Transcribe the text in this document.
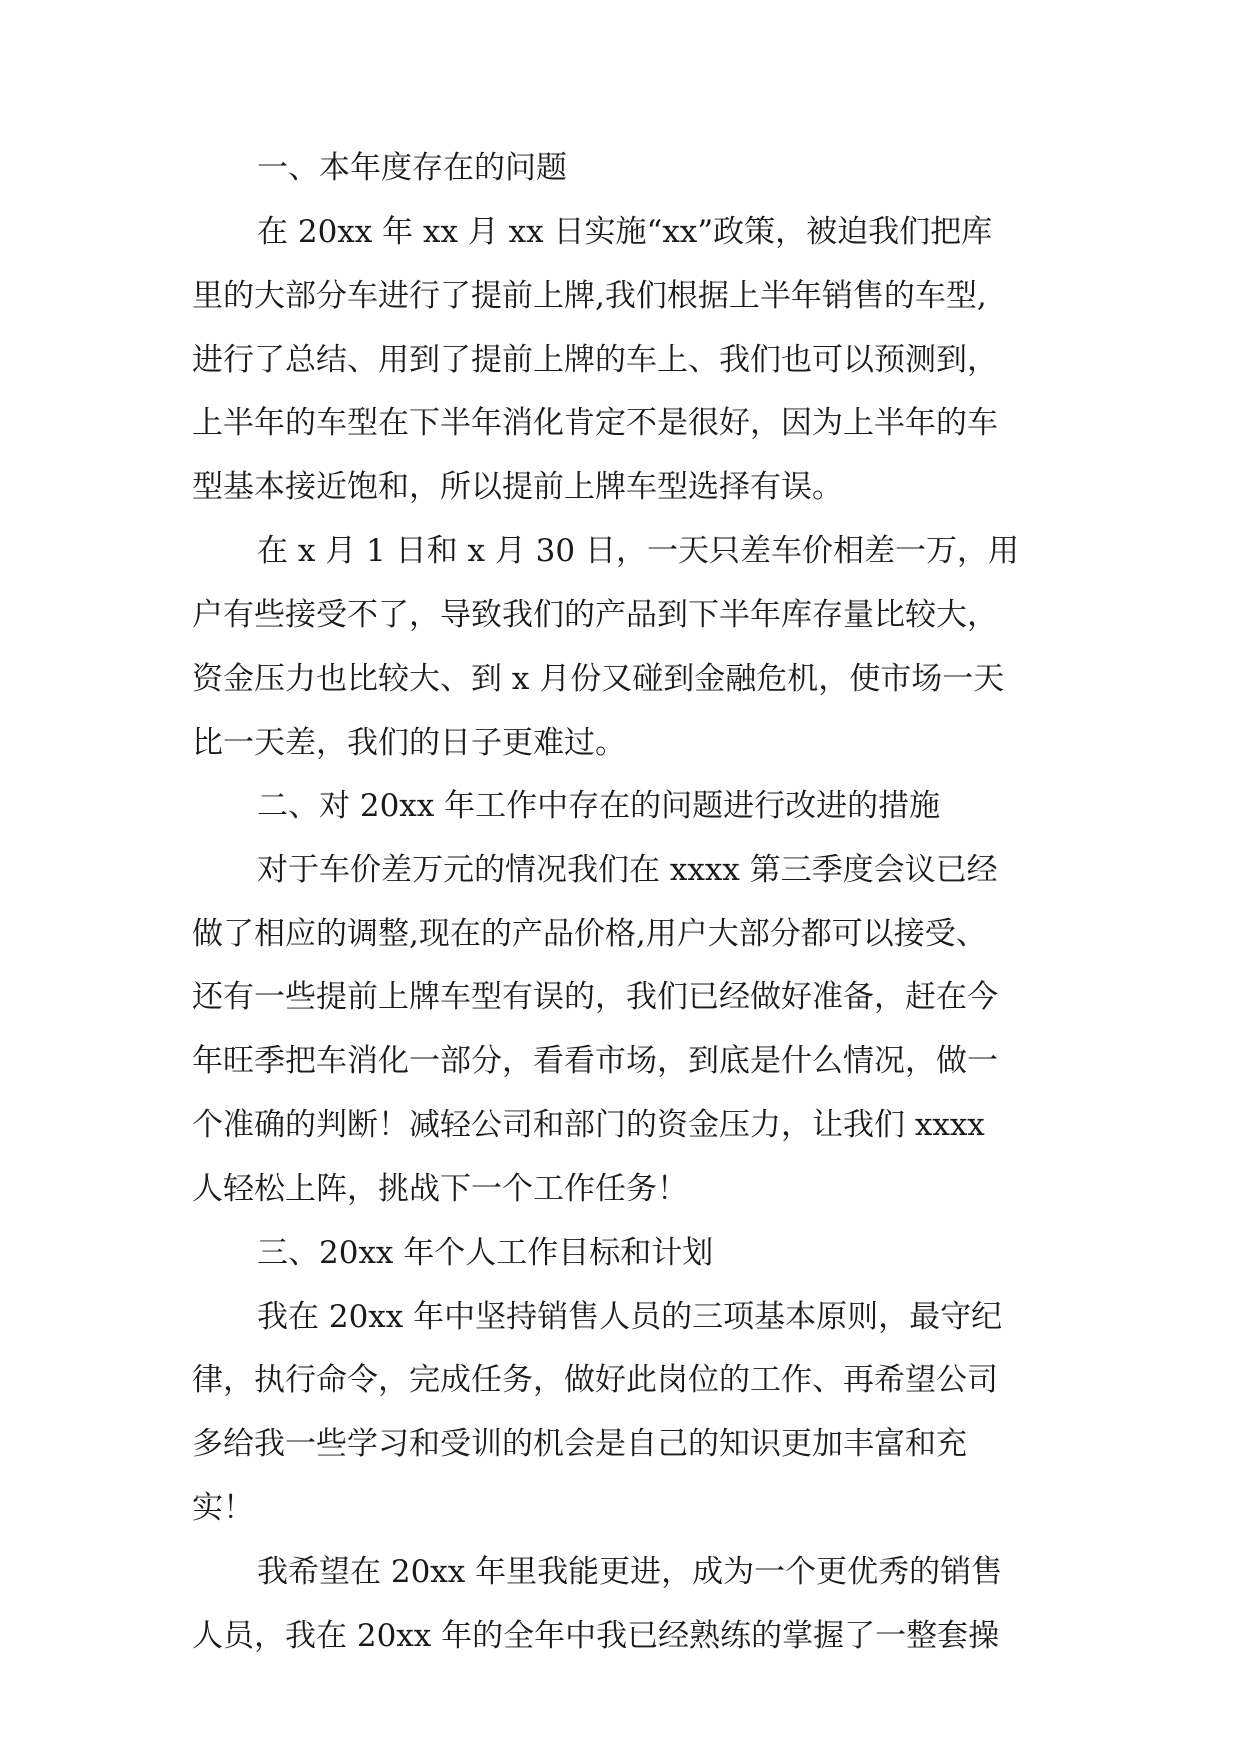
一、本年度存在的问题
在 20xx 年 xx 月 xx 日实施“xx”政策，被迫我们把库
里的大部分车进行了提前上牌,我们根据上半年销售的车型,
进行了总结、用到了提前上牌的车上、我们也可以预测到，
上半年的车型在下半年消化肯定不是很好，因为上半年的车
型基本接近饱和，所以提前上牌车型选择有误。
在 x 月 1 日和 x 月 30 日，一天只差车价相差一万，用
户有些接受不了，导致我们的产品到下半年库存量比较大，
资金压力也比较大、到 x 月份又碰到金融危机，使市场一天
比一天差，我们的日子更难过。
二、对 20xx 年工作中存在的问题进行改进的措施
对于车价差万元的情况我们在 xxxx 第三季度会议已经
做了相应的调整,现在的产品价格,用户大部分都可以接受、
还有一些提前上牌车型有误的，我们已经做好准备，赶在今
年旺季把车消化一部分，看看市场，到底是什么情况，做一
个准确的判断！减轻公司和部门的资金压力，让我们 xxxx
人轻松上阵，挑战下一个工作任务！
三、20xx 年个人工作目标和计划
我在 20xx 年中坚持销售人员的三项基本原则，最守纪
律，执行命令，完成任务，做好此岗位的工作、再希望公司
多给我一些学习和受训的机会是自己的知识更加丰富和充
实！
我希望在 20xx 年里我能更进，成为一个更优秀的销售
人员，我在 20xx 年的全年中我已经熟练的掌握了一整套操
